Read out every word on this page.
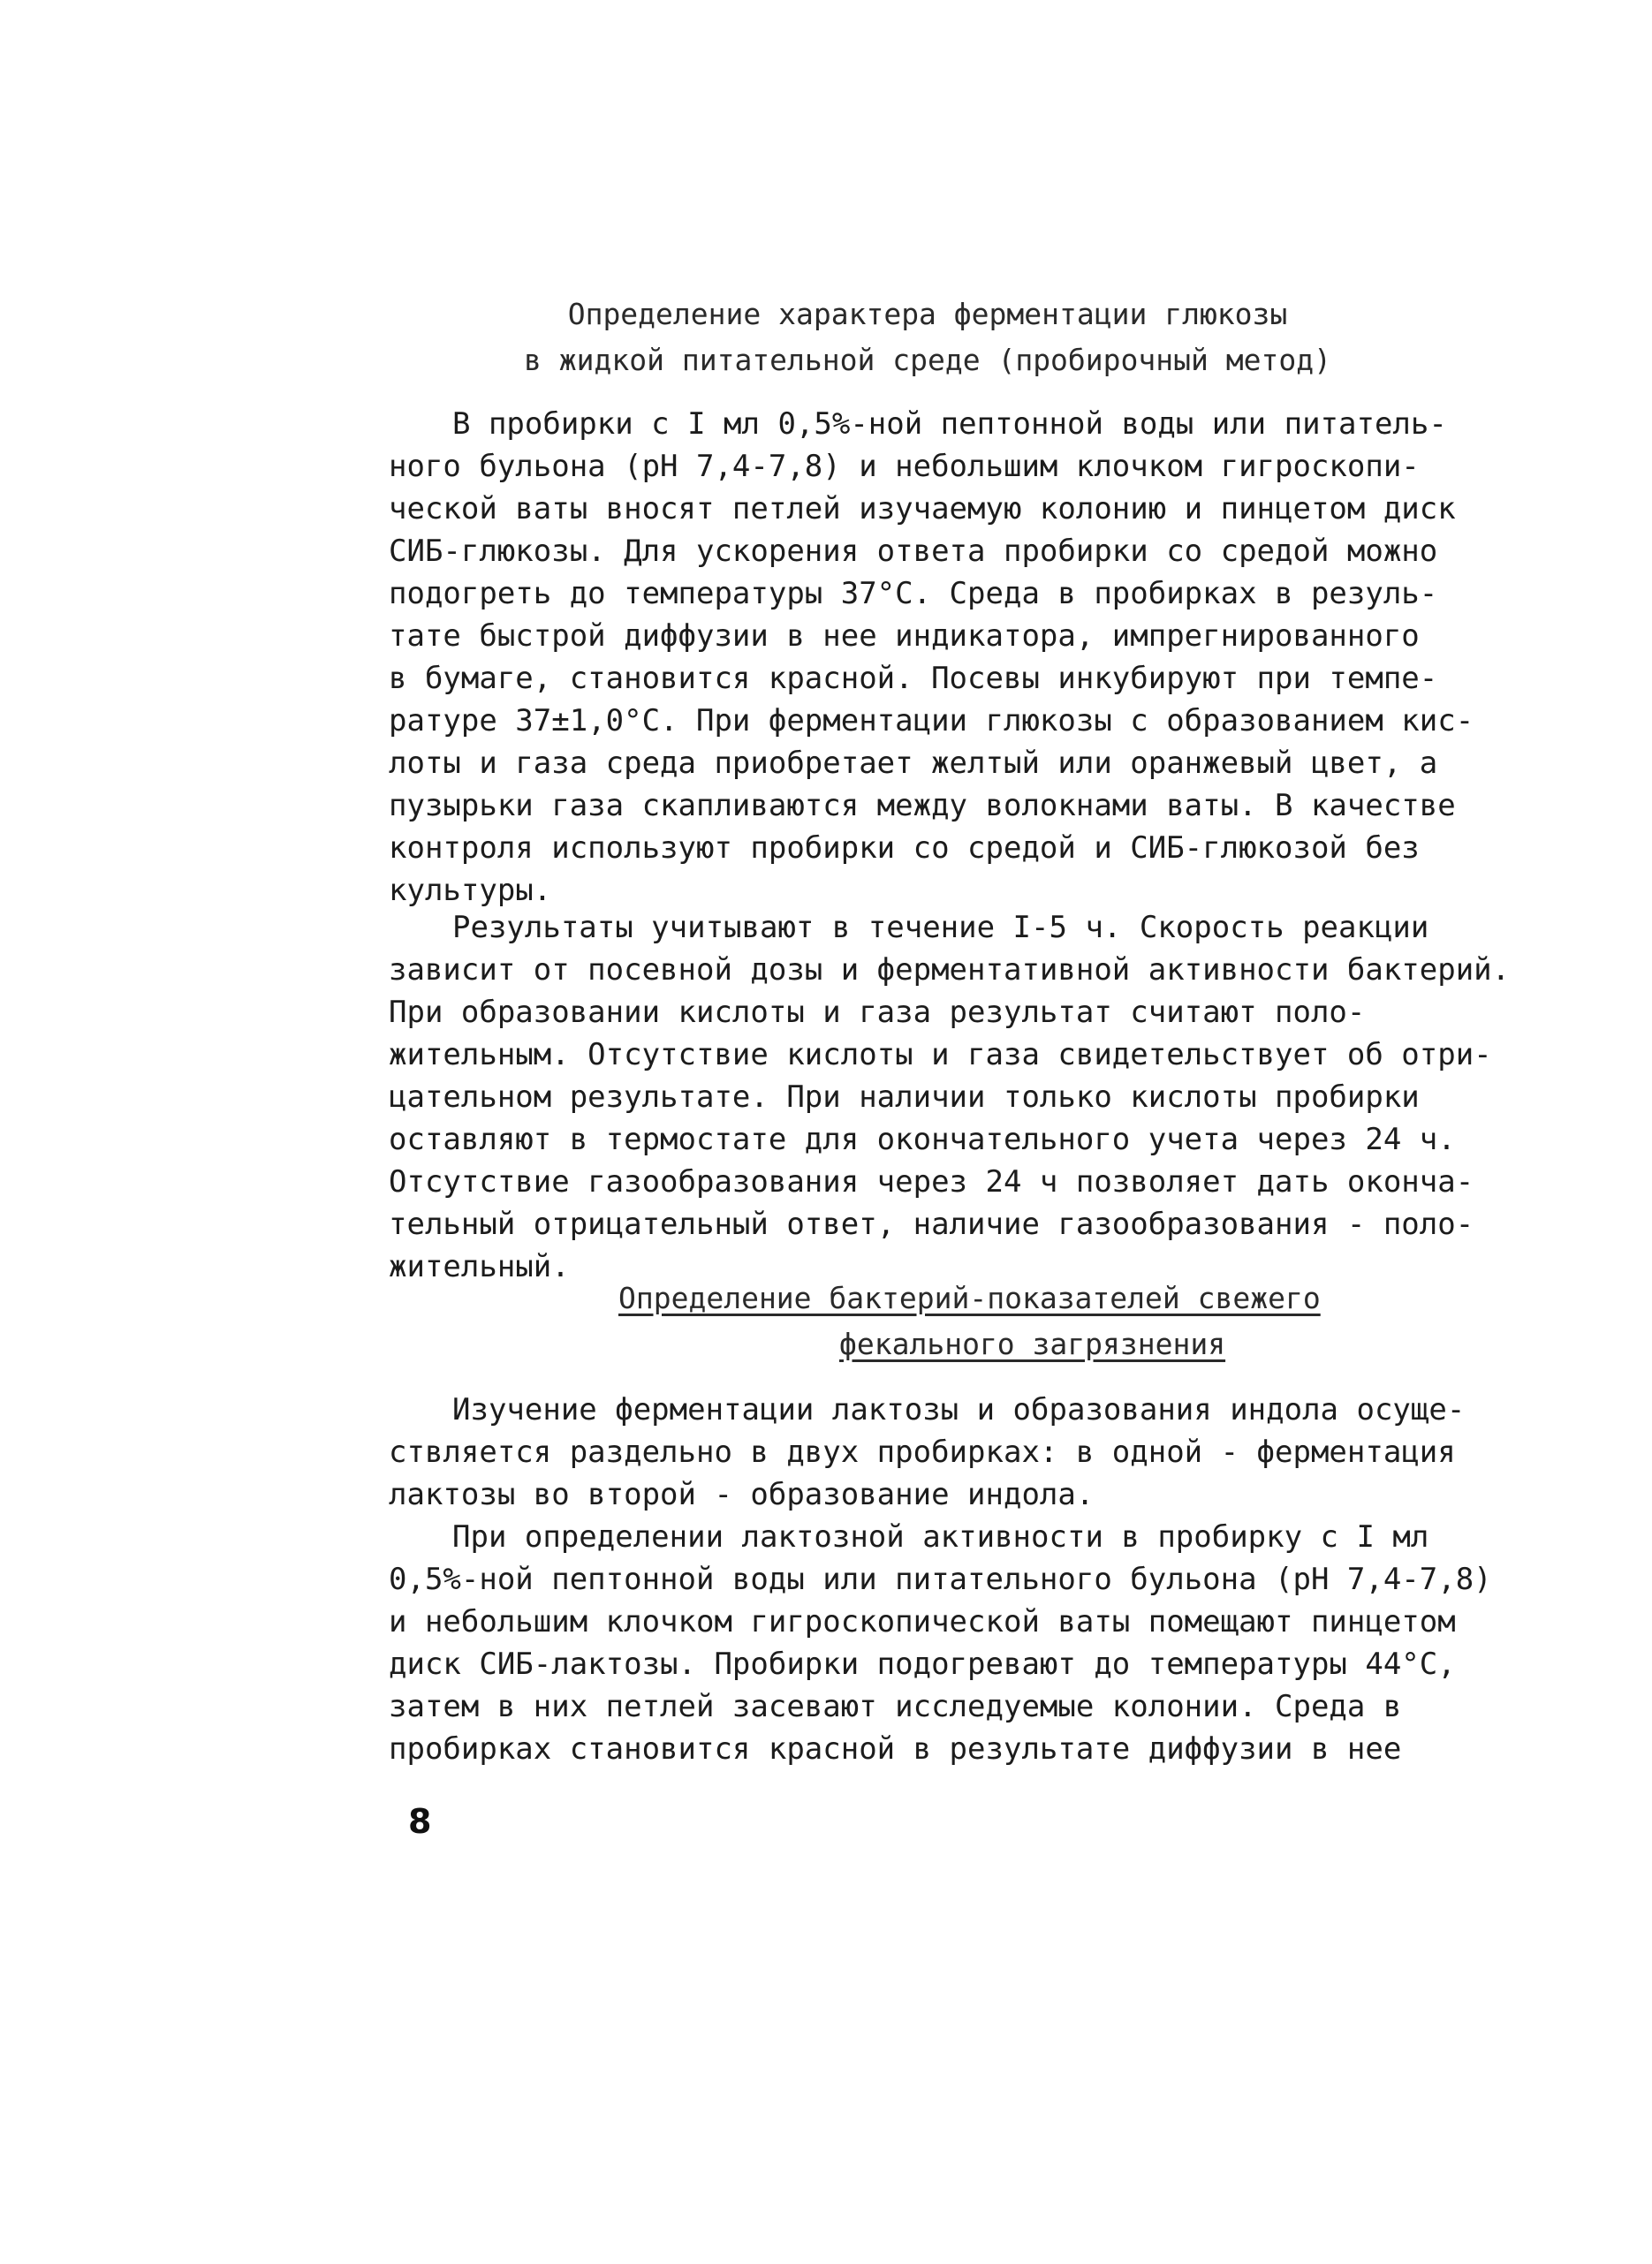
Определение характера ферментации глюкозы
в жидкой питательной среде (пробирочный метод)
В пробирки с I мл 0,5%-ной пептонной воды или питатель-
ного бульона (рН 7,4-7,8) и небольшим клочком гигроскопи-
ческой ваты вносят петлей изучаемую колонию и пинцетом диск
СИБ-глюкозы. Для ускорения ответа пробирки со средой можно
подогреть до температуры 37°С. Среда в пробирках в резуль-
тате быстрой диффузии в нее индикатора, импрегнированного
в бумаге, становится красной. Посевы инкубируют при темпе-
ратуре 37±1,0°С. При ферментации глюкозы с образованием кис-
лоты и газа среда приобретает желтый или оранжевый цвет, а
пузырьки газа скапливаются между волокнами ваты. В качестве
контроля используют пробирки со средой и СИБ-глюкозой без
культуры.
Результаты учитывают в течение I-5 ч. Скорость реакции
зависит от посевной дозы и ферментативной активности бактерий.
При образовании кислоты и газа результат считают поло-
жительным. Отсутствие кислоты и газа свидетельствует об отри-
цательном результате. При наличии только кислоты пробирки
оставляют в термостате для окончательного учета через 24 ч.
Отсутствие газообразования через 24 ч позволяет дать оконча-
тельный отрицательный ответ, наличие газообразования - поло-
жительный.
Определение бактерий-показателей свежего
фекального загрязнения
Изучение ферментации лактозы и образования индола осуще-
ствляется раздельно в двух пробирках: в одной - ферментация
лактозы во второй - образование индола.
При определении лактозной активности в пробирку с I мл
0,5%-ной пептонной воды или питательного бульона (рН 7,4-7,8)
и небольшим клочком гигроскопической ваты помещают пинцетом
диск СИБ-лактозы. Пробирки подогревают до температуры 44°С,
затем в них петлей засевают исследуемые колонии. Среда в
пробирках становится красной в результате диффузии в нее
8
